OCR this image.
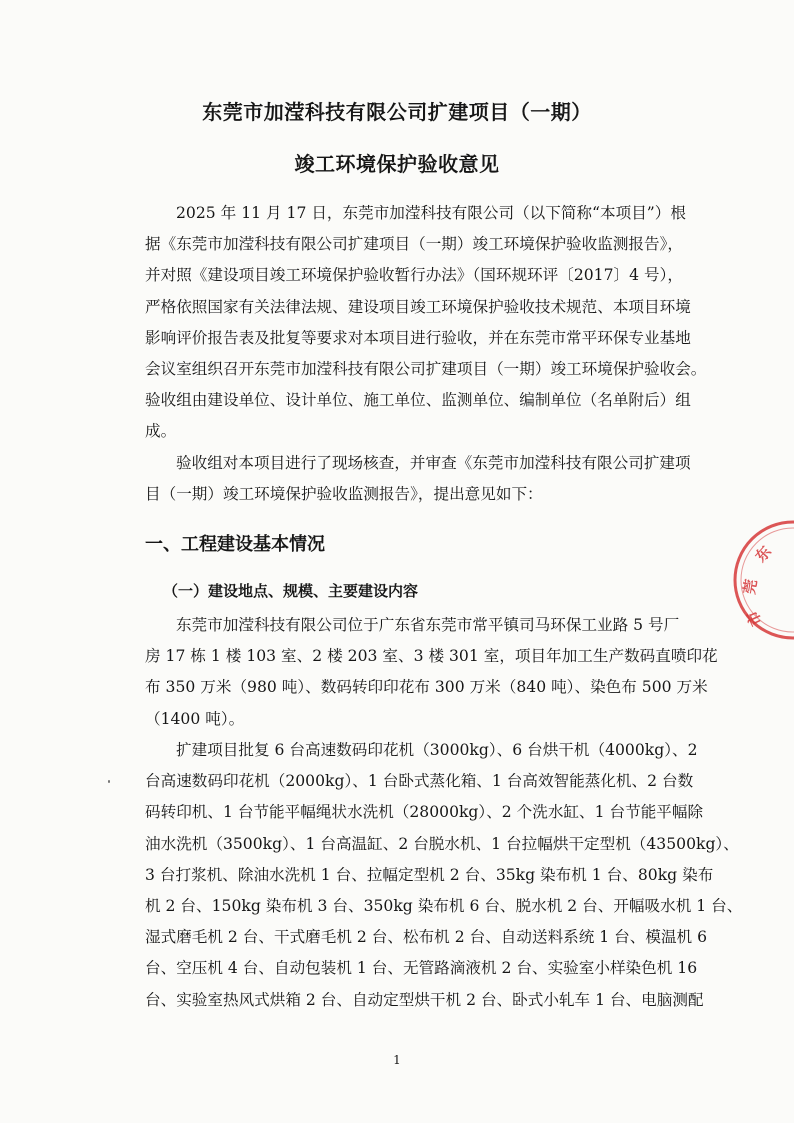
东莞市加滢科技有限公司扩建项目（一期）
竣工环境保护验收意见
2025 年 11 月 17 日，东莞市加滢科技有限公司（以下简称“本项目”）根
据《东莞市加滢科技有限公司扩建项目（一期）竣工环境保护验收监测报告》，
并对照《建设项目竣工环境保护验收暂行办法》（国环规环评〔2017〕4 号），
严格依照国家有关法律法规、建设项目竣工环境保护验收技术规范、本项目环境
影响评价报告表及批复等要求对本项目进行验收，并在东莞市常平环保专业基地
会议室组织召开东莞市加滢科技有限公司扩建项目（一期）竣工环境保护验收会。
验收组由建设单位、设计单位、施工单位、监测单位、编制单位（名单附后）组
成。
验收组对本项目进行了现场核查，并审查《东莞市加滢科技有限公司扩建项
目（一期）竣工环境保护验收监测报告》，提出意见如下：
一、工程建设基本情况
（一）建设地点、规模、主要建设内容
东莞市加滢科技有限公司位于广东省东莞市常平镇司马环保工业路 5 号厂
房 17 栋 1 楼 103 室、2 楼 203 室、3 楼 301 室，项目年加工生产数码直喷印花
布 350 万米（980 吨）、数码转印印花布 300 万米（840 吨）、染色布 500 万米
（1400 吨）。
扩建项目批复 6 台高速数码印花机（3000kg）、6 台烘干机（4000kg）、2
台高速数码印花机（2000kg）、1 台卧式蒸化箱、1 台高效智能蒸化机、2 台数
码转印机、1 台节能平幅绳状水洗机（28000kg）、2 个洗水缸、1 台节能平幅除
油水洗机（3500kg）、1 台高温缸、2 台脱水机、1 台拉幅烘干定型机（43500kg）、
3 台打浆机、除油水洗机 1 台、拉幅定型机 2 台、35kg 染布机 1 台、80kg 染布
机 2 台、150kg 染布机 3 台、350kg 染布机 6 台、脱水机 2 台、开幅吸水机 1 台、
湿式磨毛机 2 台、干式磨毛机 2 台、松布机 2 台、自动送料系统 1 台、模温机 6
台、空压机 4 台、自动包装机 1 台、无管路滴液机 2 台、实验室小样染色机 16
台、实验室热风式烘箱 2 台、自动定型烘干机 2 台、卧式小轧车 1 台、电脑测配
1
东
莞
市
